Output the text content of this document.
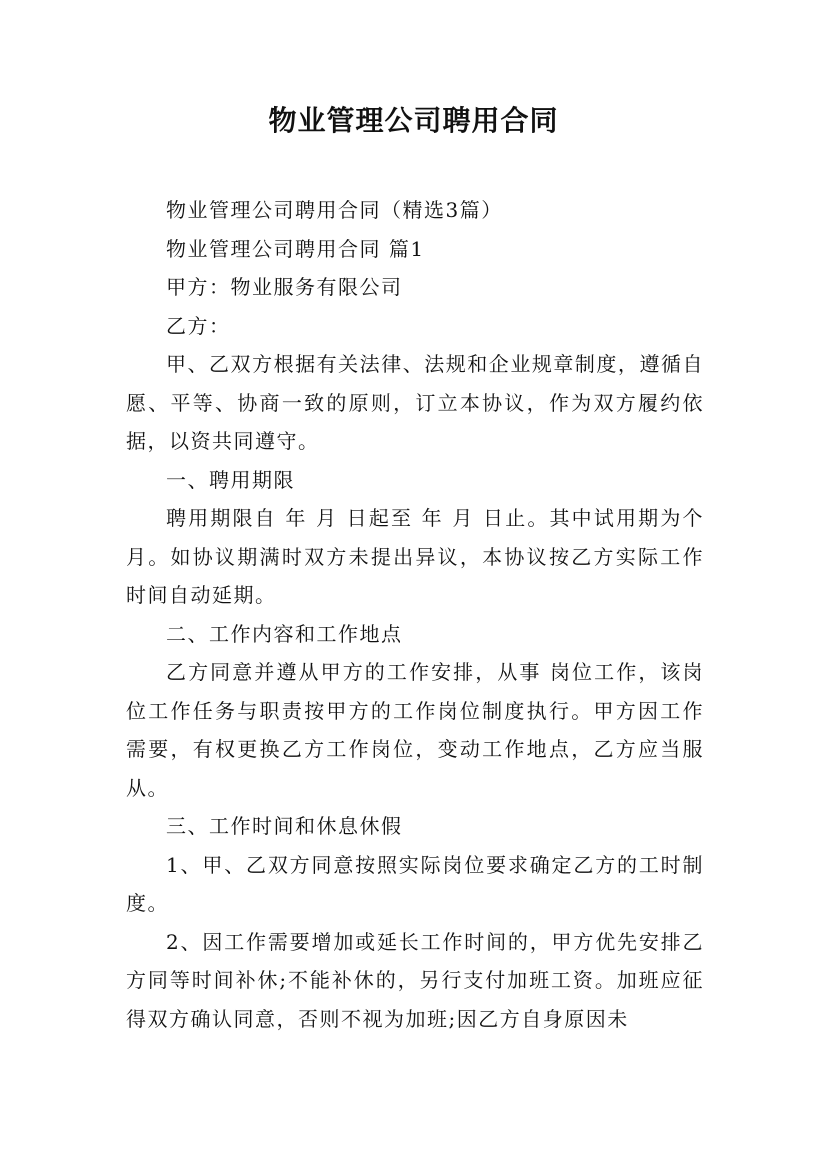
物业管理公司聘用合同

物业管理公司聘用合同（精选3篇）

物业管理公司聘用合同 篇1

甲方：物业服务有限公司

乙方：

甲、乙双方根据有关法律、法规和企业规章制度，遵循自愿、平等、协商一致的原则，订立本协议，作为双方履约依据，以资共同遵守。

一、聘用期限

聘用期限自 年 月 日起至 年 月 日止。其中试用期为个月。如协议期满时双方未提出异议，本协议按乙方实际工作时间自动延期。

二、工作内容和工作地点

乙方同意并遵从甲方的工作安排，从事 岗位工作，该岗位工作任务与职责按甲方的工作岗位制度执行。甲方因工作需要，有权更换乙方工作岗位，变动工作地点，乙方应当服从。

三、工作时间和休息休假

1、甲、乙双方同意按照实际岗位要求确定乙方的工时制度。

2、因工作需要增加或延长工作时间的，甲方优先安排乙方同等时间补休;不能补休的，另行支付加班工资。加班应征得双方确认同意，否则不视为加班;因乙方自身原因未
